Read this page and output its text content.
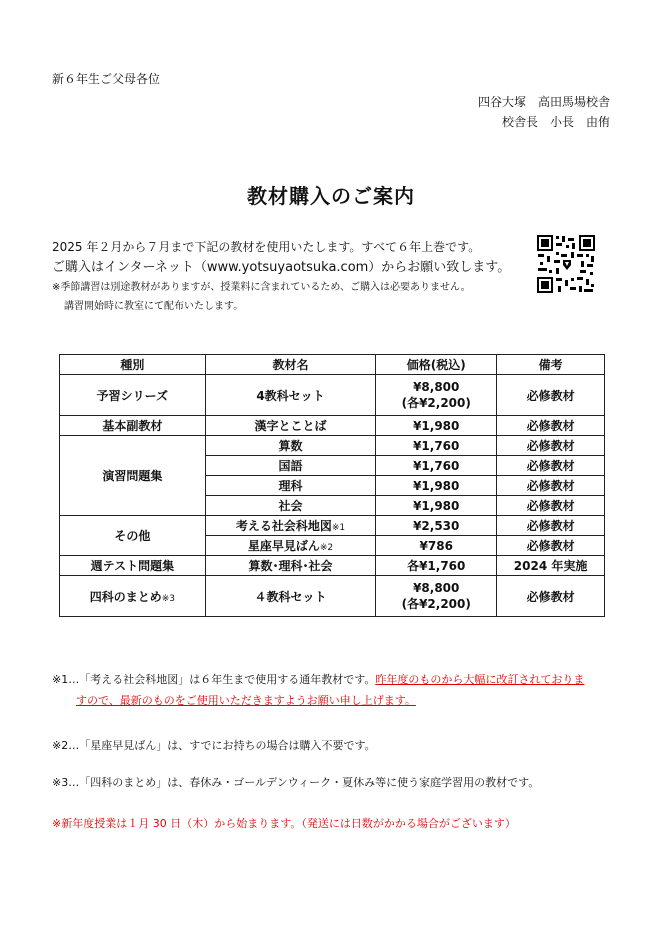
新６年生ご父母各位
四谷大塚　高田馬場校舎
校舎長　小長　由侑
教材購入のご案内
2025 年２月から７月まで下記の教材を使用いたします。すべて６年上巻です。
ご購入はインターネット（www.yotsuyaotsuka.com）からお願い致します。
※季節講習は別途教材がありますが、授業料に含まれているため、ご購入は必要ありません。
講習開始時に教室にて配布いたします。
種別	教材名	価格(税込)	備考
予習シリーズ	4教科セット	¥8,800
(各¥2,200)	必修教材
基本副教材	漢字とことば	¥1,980	必修教材
演習問題集	算数	¥1,760	必修教材
	国語	¥1,760	必修教材
	理科	¥1,980	必修教材
	社会	¥1,980	必修教材
その他	考える社会科地図※1	¥2,530	必修教材
	星座早見ばん※2	¥786	必修教材
週テスト問題集	算数･理科･社会	各¥1,760	2024 年実施
四科のまとめ※3	４教科セット	¥8,800
(各¥2,200)	必修教材
※1…「考える社会科地図」は６年生まで使用する通年教材です。昨年度のものから大幅に改訂されておりま
すので、最新のものをご使用いただきますようお願い申し上げます。
※2…「星座早見ばん」は、すでにお持ちの場合は購入不要です。
※3…「四科のまとめ」は、春休み・ゴールデンウィーク・夏休み等に使う家庭学習用の教材です。
※新年度授業は１月 30 日（木）から始まります。（発送には日数がかかる場合がございます）
